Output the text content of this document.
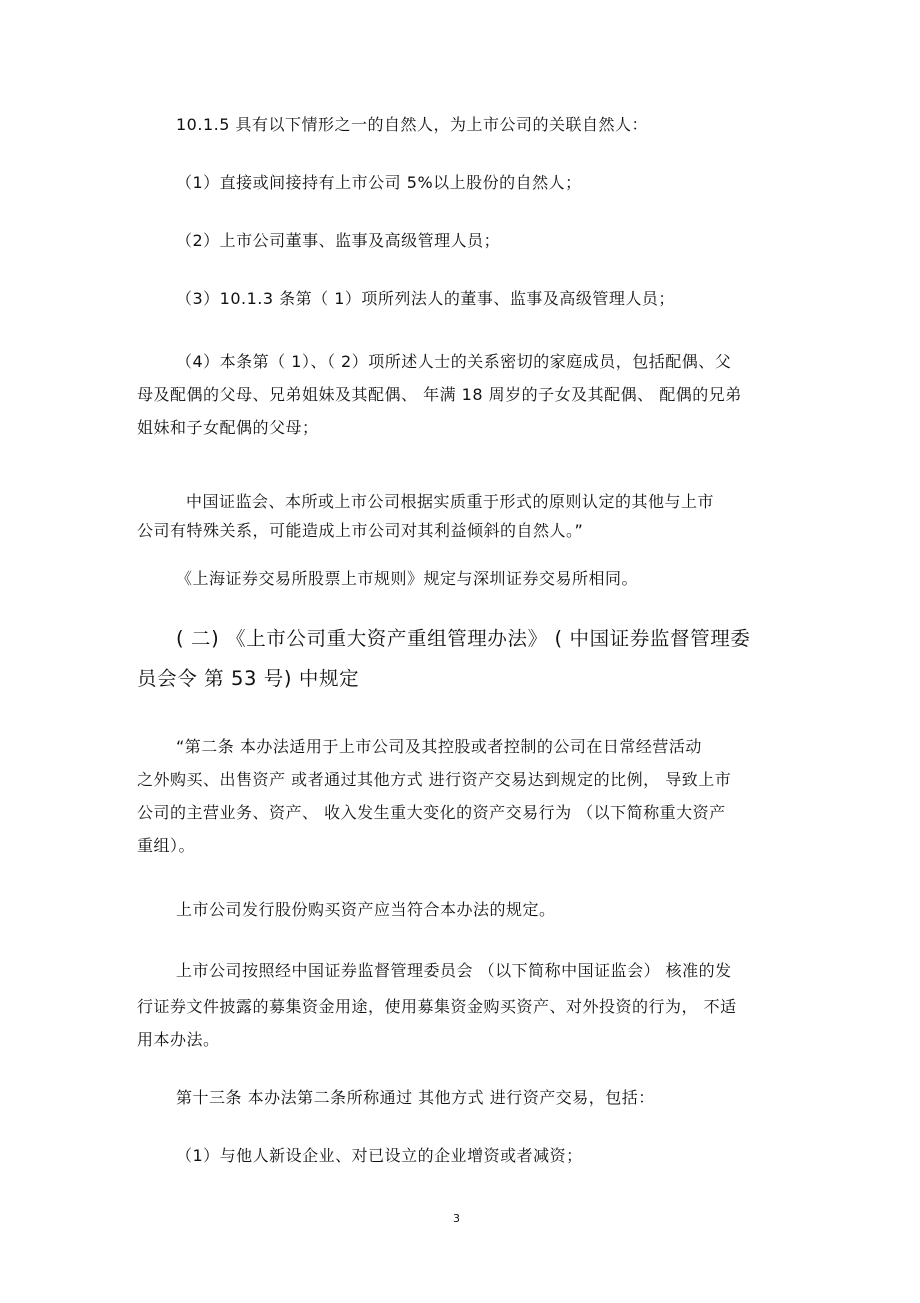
10.1.5 具有以下情形之一的自然人，为上市公司的关联自然人：
（1）直接或间接持有上市公司 5%以上股份的自然人；
（2）上市公司董事、监事及高级管理人员；
（3）10.1.3 条第（ 1）项所列法人的董事、监事及高级管理人员；
（4）本条第（ 1）、（ 2）项所述人士的关系密切的家庭成员，包括配偶、父
母及配偶的父母、兄弟姐妹及其配偶、 年满 18 周岁的子女及其配偶、 配偶的兄弟
姐妹和子女配偶的父母；
中国证监会、本所或上市公司根据实质重于形式的原则认定的其他与上市
公司有特殊关系，可能造成上市公司对其利益倾斜的自然人。”
《上海证券交易所股票上市规则》规定与深圳证券交易所相同。
( 二) 《上市公司重大资产重组管理办法》 ( 中国证券监督管理委
员会令 第 53 号) 中规定
“第二条 本办法适用于上市公司及其控股或者控制的公司在日常经营活动
之外购买、出售资产 或者通过其他方式 进行资产交易达到规定的比例， 导致上市
公司的主营业务、资产、 收入发生重大变化的资产交易行为 （以下简称重大资产
重组）。
上市公司发行股份购买资产应当符合本办法的规定。
上市公司按照经中国证券监督管理委员会 （以下简称中国证监会） 核准的发
行证券文件披露的募集资金用途，使用募集资金购买资产、对外投资的行为， 不适
用本办法。
第十三条 本办法第二条所称通过 其他方式 进行资产交易，包括：
（1）与他人新设企业、对已设立的企业增资或者减资；
3
